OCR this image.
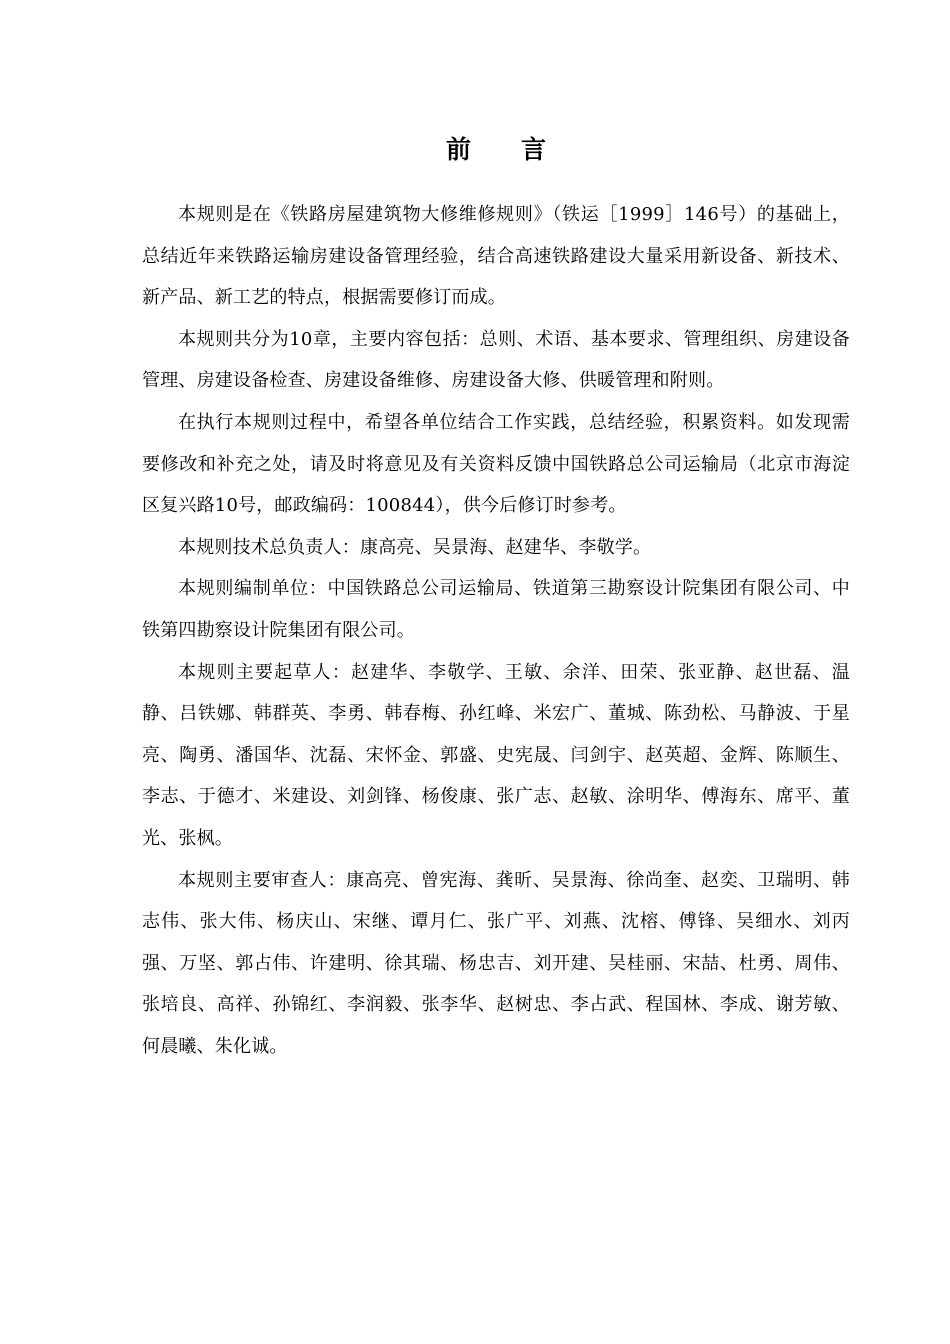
前言

本规则是在《铁路房屋建筑物大修维修规则》（铁运［1999］146号）的基础上，总结近年来铁路运输房建设备管理经验，结合高速铁路建设大量采用新设备、新技术、新产品、新工艺的特点，根据需要修订而成。

本规则共分为10章，主要内容包括：总则、术语、基本要求、管理组织、房建设备管理、房建设备检查、房建设备维修、房建设备大修、供暖管理和附则。

在执行本规则过程中，希望各单位结合工作实践，总结经验，积累资料。如发现需要修改和补充之处，请及时将意见及有关资料反馈中国铁路总公司运输局（北京市海淀区复兴路10号，邮政编码：100844），供今后修订时参考。

本规则技术总负责人：康高亮、吴景海、赵建华、李敬学。

本规则编制单位：中国铁路总公司运输局、铁道第三勘察设计院集团有限公司、中铁第四勘察设计院集团有限公司。

本规则主要起草人：赵建华、李敬学、王敏、余洋、田荣、张亚静、赵世磊、温静、吕铁娜、韩群英、李勇、韩春梅、孙红峰、米宏广、董城、陈劲松、马静波、于星亮、陶勇、潘国华、沈磊、宋怀金、郭盛、史宪晟、闫剑宇、赵英超、金辉、陈顺生、李志、于德才、米建设、刘剑锋、杨俊康、张广志、赵敏、涂明华、傅海东、席平、董光、张枫。

本规则主要审查人：康高亮、曾宪海、龚昕、吴景海、徐尚奎、赵奕、卫瑞明、韩志伟、张大伟、杨庆山、宋继、谭月仁、张广平、刘燕、沈榕、傅锋、吴细水、刘丙强、万坚、郭占伟、许建明、徐其瑞、杨忠吉、刘开建、吴桂丽、宋喆、杜勇、周伟、张培良、高祥、孙锦红、李润毅、张李华、赵树忠、李占武、程国林、李成、谢芳敏、何晨曦、朱化诚。
